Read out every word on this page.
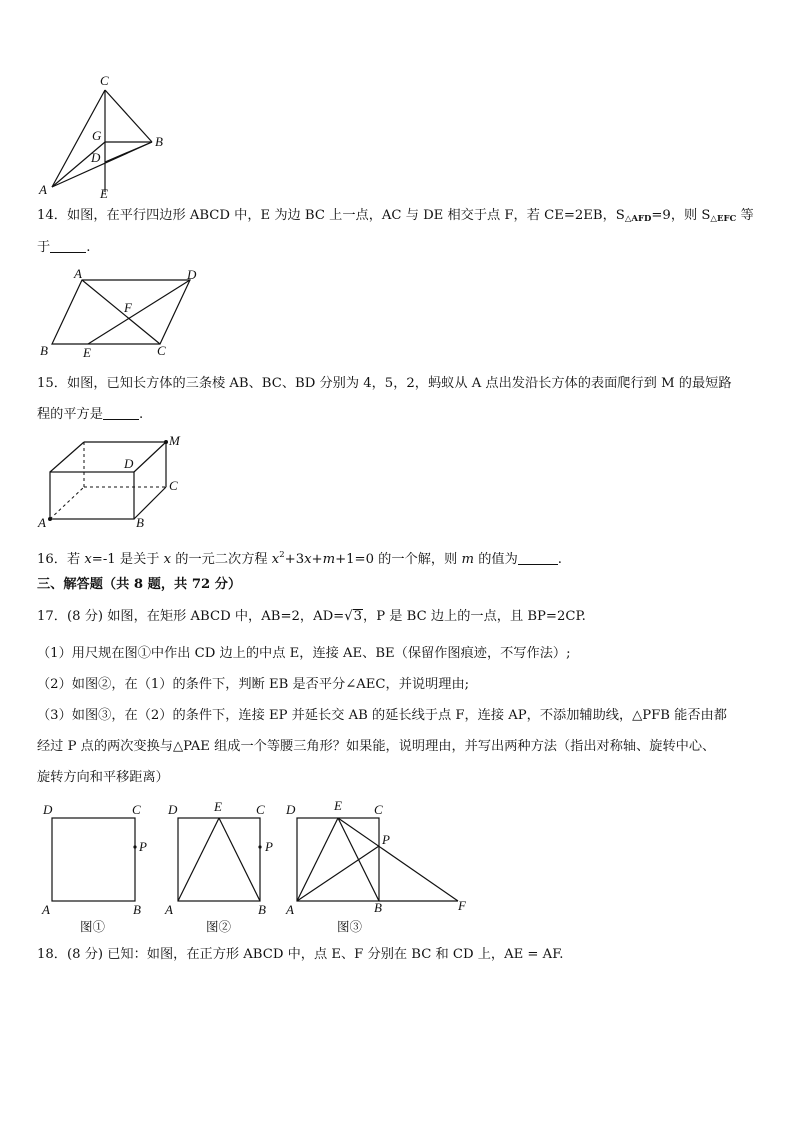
C
G
D
B
A	E
14．如图，在平行四边形 ABCD 中，E 为边 BC 上一点，AC 与 DE 相交于点 F，若 CE=2EB，$S_{\triangle AFD}=9$，则 $S_{\triangle EFC}$ 等
于	.
A	D
F
B	E	C
15．如图，已知长方体的三条棱 AB、BC、BD 分别为 4，5，2，蚂蚁从 A 点出发沿长方体的表面爬行到 M 的最短路
程的平方是	.
M
D
C
A	B
16．若 x=-1 是关于 x 的一元二次方程 $x^2+3x+m+1=0$ 的一个解，则 m 的值为	.
三、解答题（共 8 题，共 72 分）
17．(8 分) 如图，在矩形 ABCD 中，AB=2，AD=√3，P 是 BC 边上的一点，且 BP=2CP.
（1）用尺规在图①中作出 CD 边上的中点 E，连接 AE、BE（保留作图痕迹，不写作法）;
（2）如图②，在（1）的条件下，判断 EB 是否平分∠AEC，并说明理由;
（3）如图③，在（2）的条件下，连接 EP 并延长交 AB 的延长线于点 F，连接 AP，不添加辅助线，△PFB 能否由都
经过 P 点的两次变换与△PAE 组成一个等腰三角形？如果能，说明理由，并写出两种方法（指出对称轴、旋转中心、
旋转方向和平移距离）
D	C
P
A	B
图①
D	E	C
P
A	B
图②
D	E C
P
A	B	F
图③
18．(8 分) 已知：如图，在正方形 ABCD 中，点 E、F 分别在 BC 和 CD 上，AE = AF.
